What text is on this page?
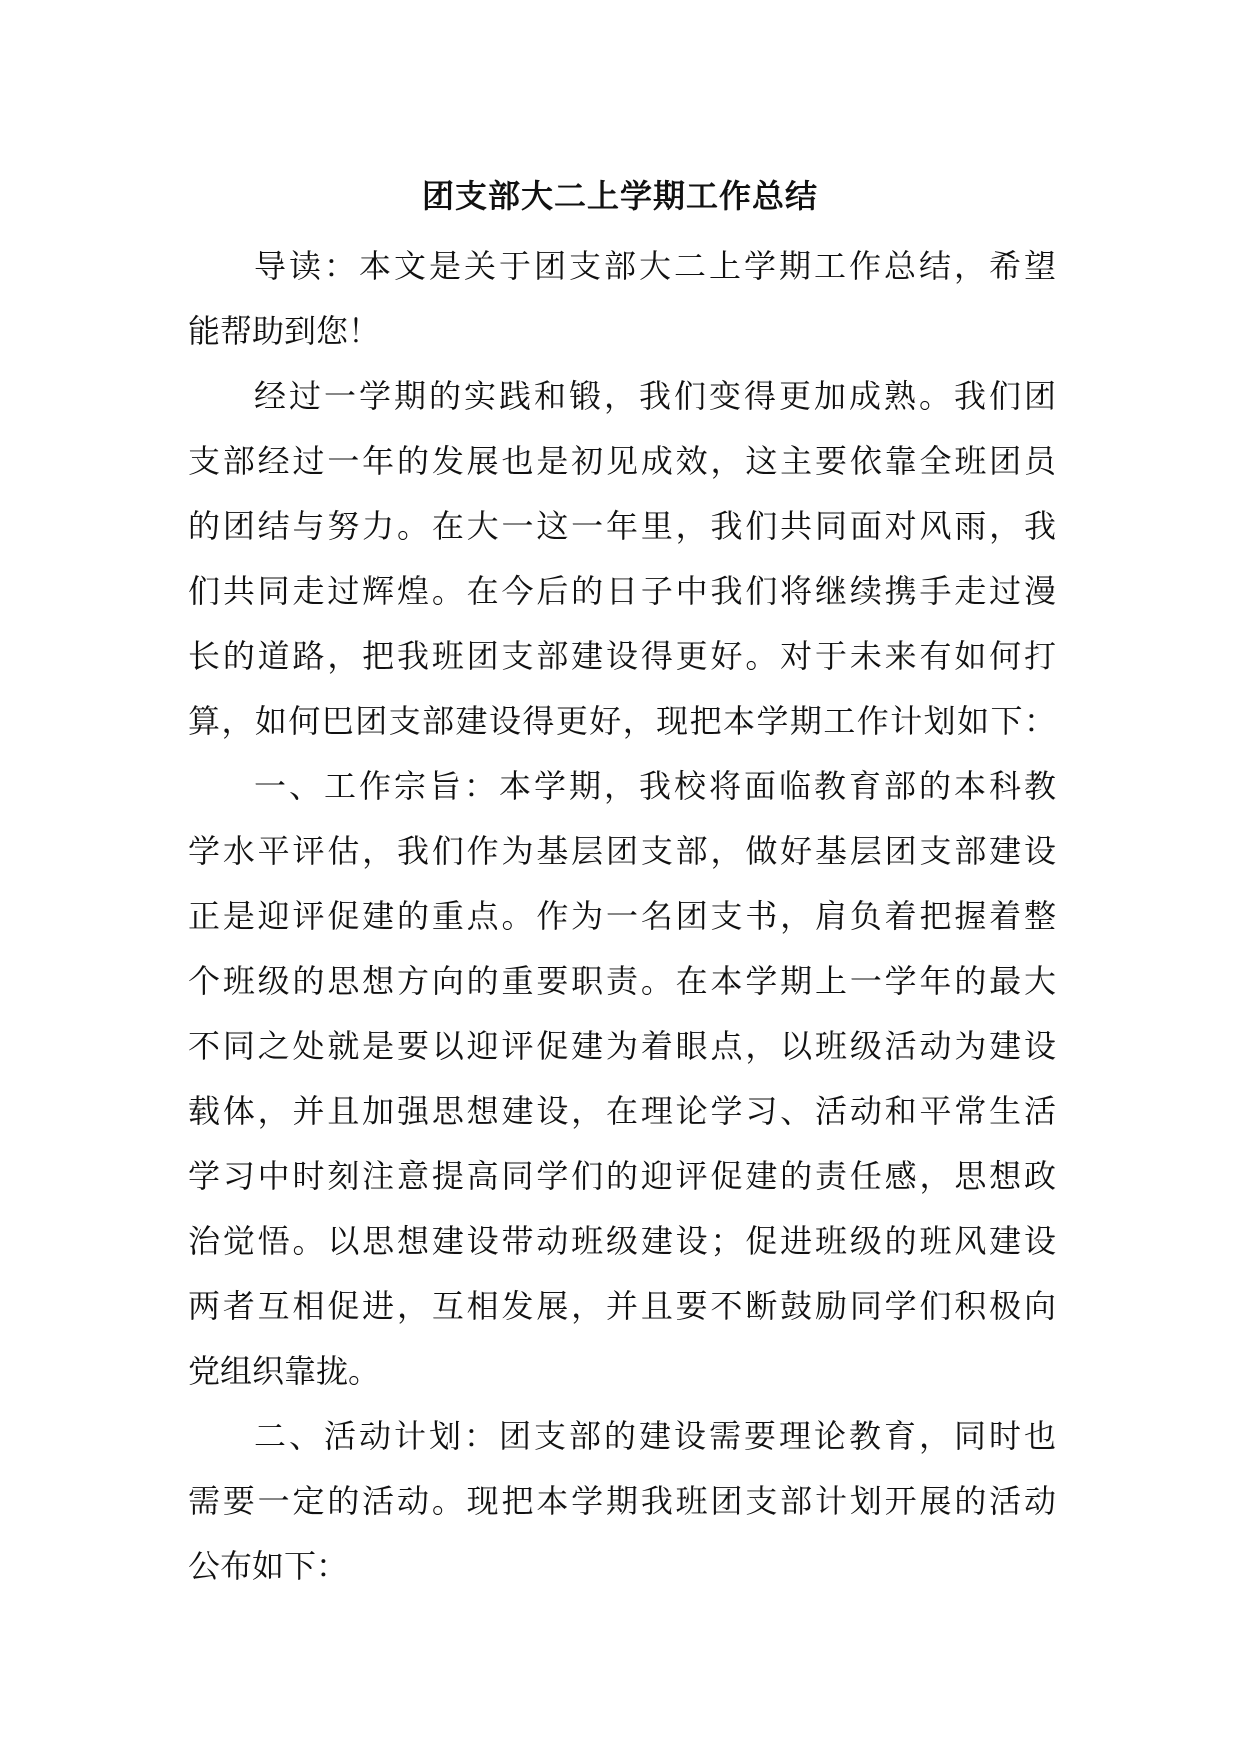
团支部大二上学期工作总结

导读：本文是关于团支部大二上学期工作总结，希望
能帮助到您！

经过一学期的实践和锻，我们变得更加成熟。我们团
支部经过一年的发展也是初见成效，这主要依靠全班团员
的团结与努力。在大一这一年里，我们共同面对风雨，我
们共同走过辉煌。在今后的日子中我们将继续携手走过漫
长的道路，把我班团支部建设得更好。对于未来有如何打
算，如何巴团支部建设得更好，现把本学期工作计划如下：

一、工作宗旨：本学期，我校将面临教育部的本科教
学水平评估，我们作为基层团支部，做好基层团支部建设
正是迎评促建的重点。作为一名团支书，肩负着把握着整
个班级的思想方向的重要职责。在本学期上一学年的最大
不同之处就是要以迎评促建为着眼点，以班级活动为建设
载体，并且加强思想建设，在理论学习、活动和平常生活
学习中时刻注意提高同学们的迎评促建的责任感，思想政
治觉悟。以思想建设带动班级建设；促进班级的班风建设
两者互相促进，互相发展，并且要不断鼓励同学们积极向
党组织靠拢。

二、活动计划：团支部的建设需要理论教育，同时也
需要一定的活动。现把本学期我班团支部计划开展的活动
公布如下：
